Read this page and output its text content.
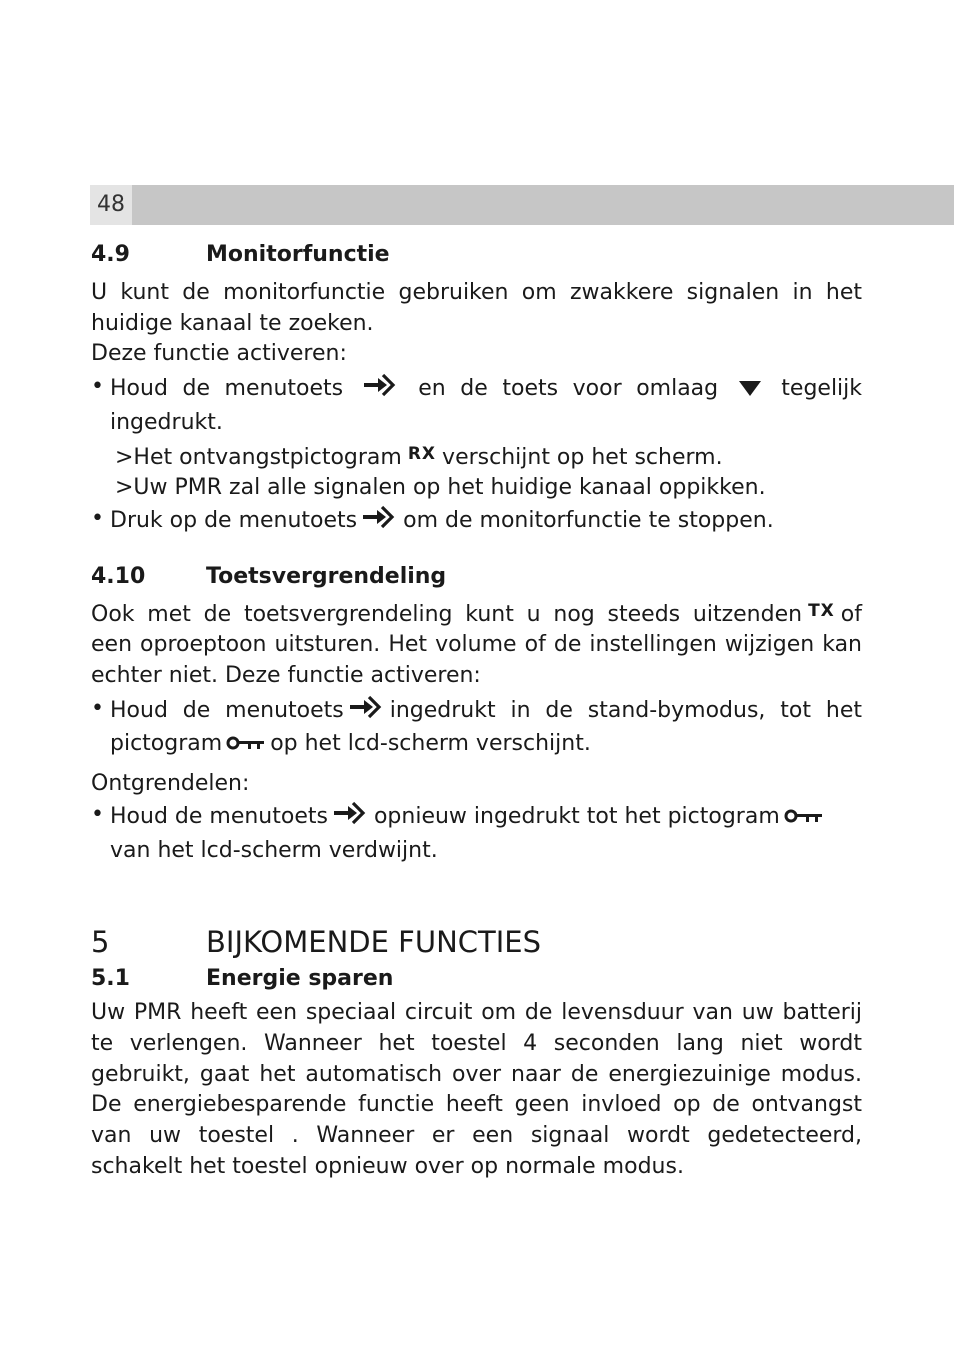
48
4.9	Monitorfunctie

U kunt de monitorfunctie gebruiken om zwakkere signalen in het huidige kanaal te zoeken.

Deze functie activeren:

• Houd de menutoets	en de toets voor omlaag	tegelijk ingedrukt.

>Het ontvangstpictogram RX verschijnt op het scherm.

>Uw PMR zal alle signalen op het huidige kanaal oppikken.

• Druk op de menutoets om de monitorfunctie te stoppen.
4.10	Toetsvergrendeling

Ook met de toetsvergrendeling kunt u nog steeds uitzenden TX of een oproeptoon uitsturen. Het volume of de instellingen wijzigen kan echter niet. Deze functie activeren:

• Houd de menutoets ingedrukt in de stand-bymodus, tot het pictogram op het lcd-scherm verschijnt.

Ontgrendelen:

• Houd de menutoets opnieuw ingedrukt tot het pictogramvan het lcd-scherm verdwijnt.
5	BIJKOMENDE FUNCTIES
5.1	Energie sparen

Uw PMR heeft een speciaal circuit om de levensduur van uw batterij te verlengen. Wanneer het toestel 4 seconden lang niet wordt gebruikt, gaat het automatisch over naar de energiezuinige modus. De energiebesparende functie heeft geen invloed op de ontvangst van uw toestel . Wanneer er een signaal wordt gedetecteerd, schakelt het toestel opnieuw over op normale modus.
